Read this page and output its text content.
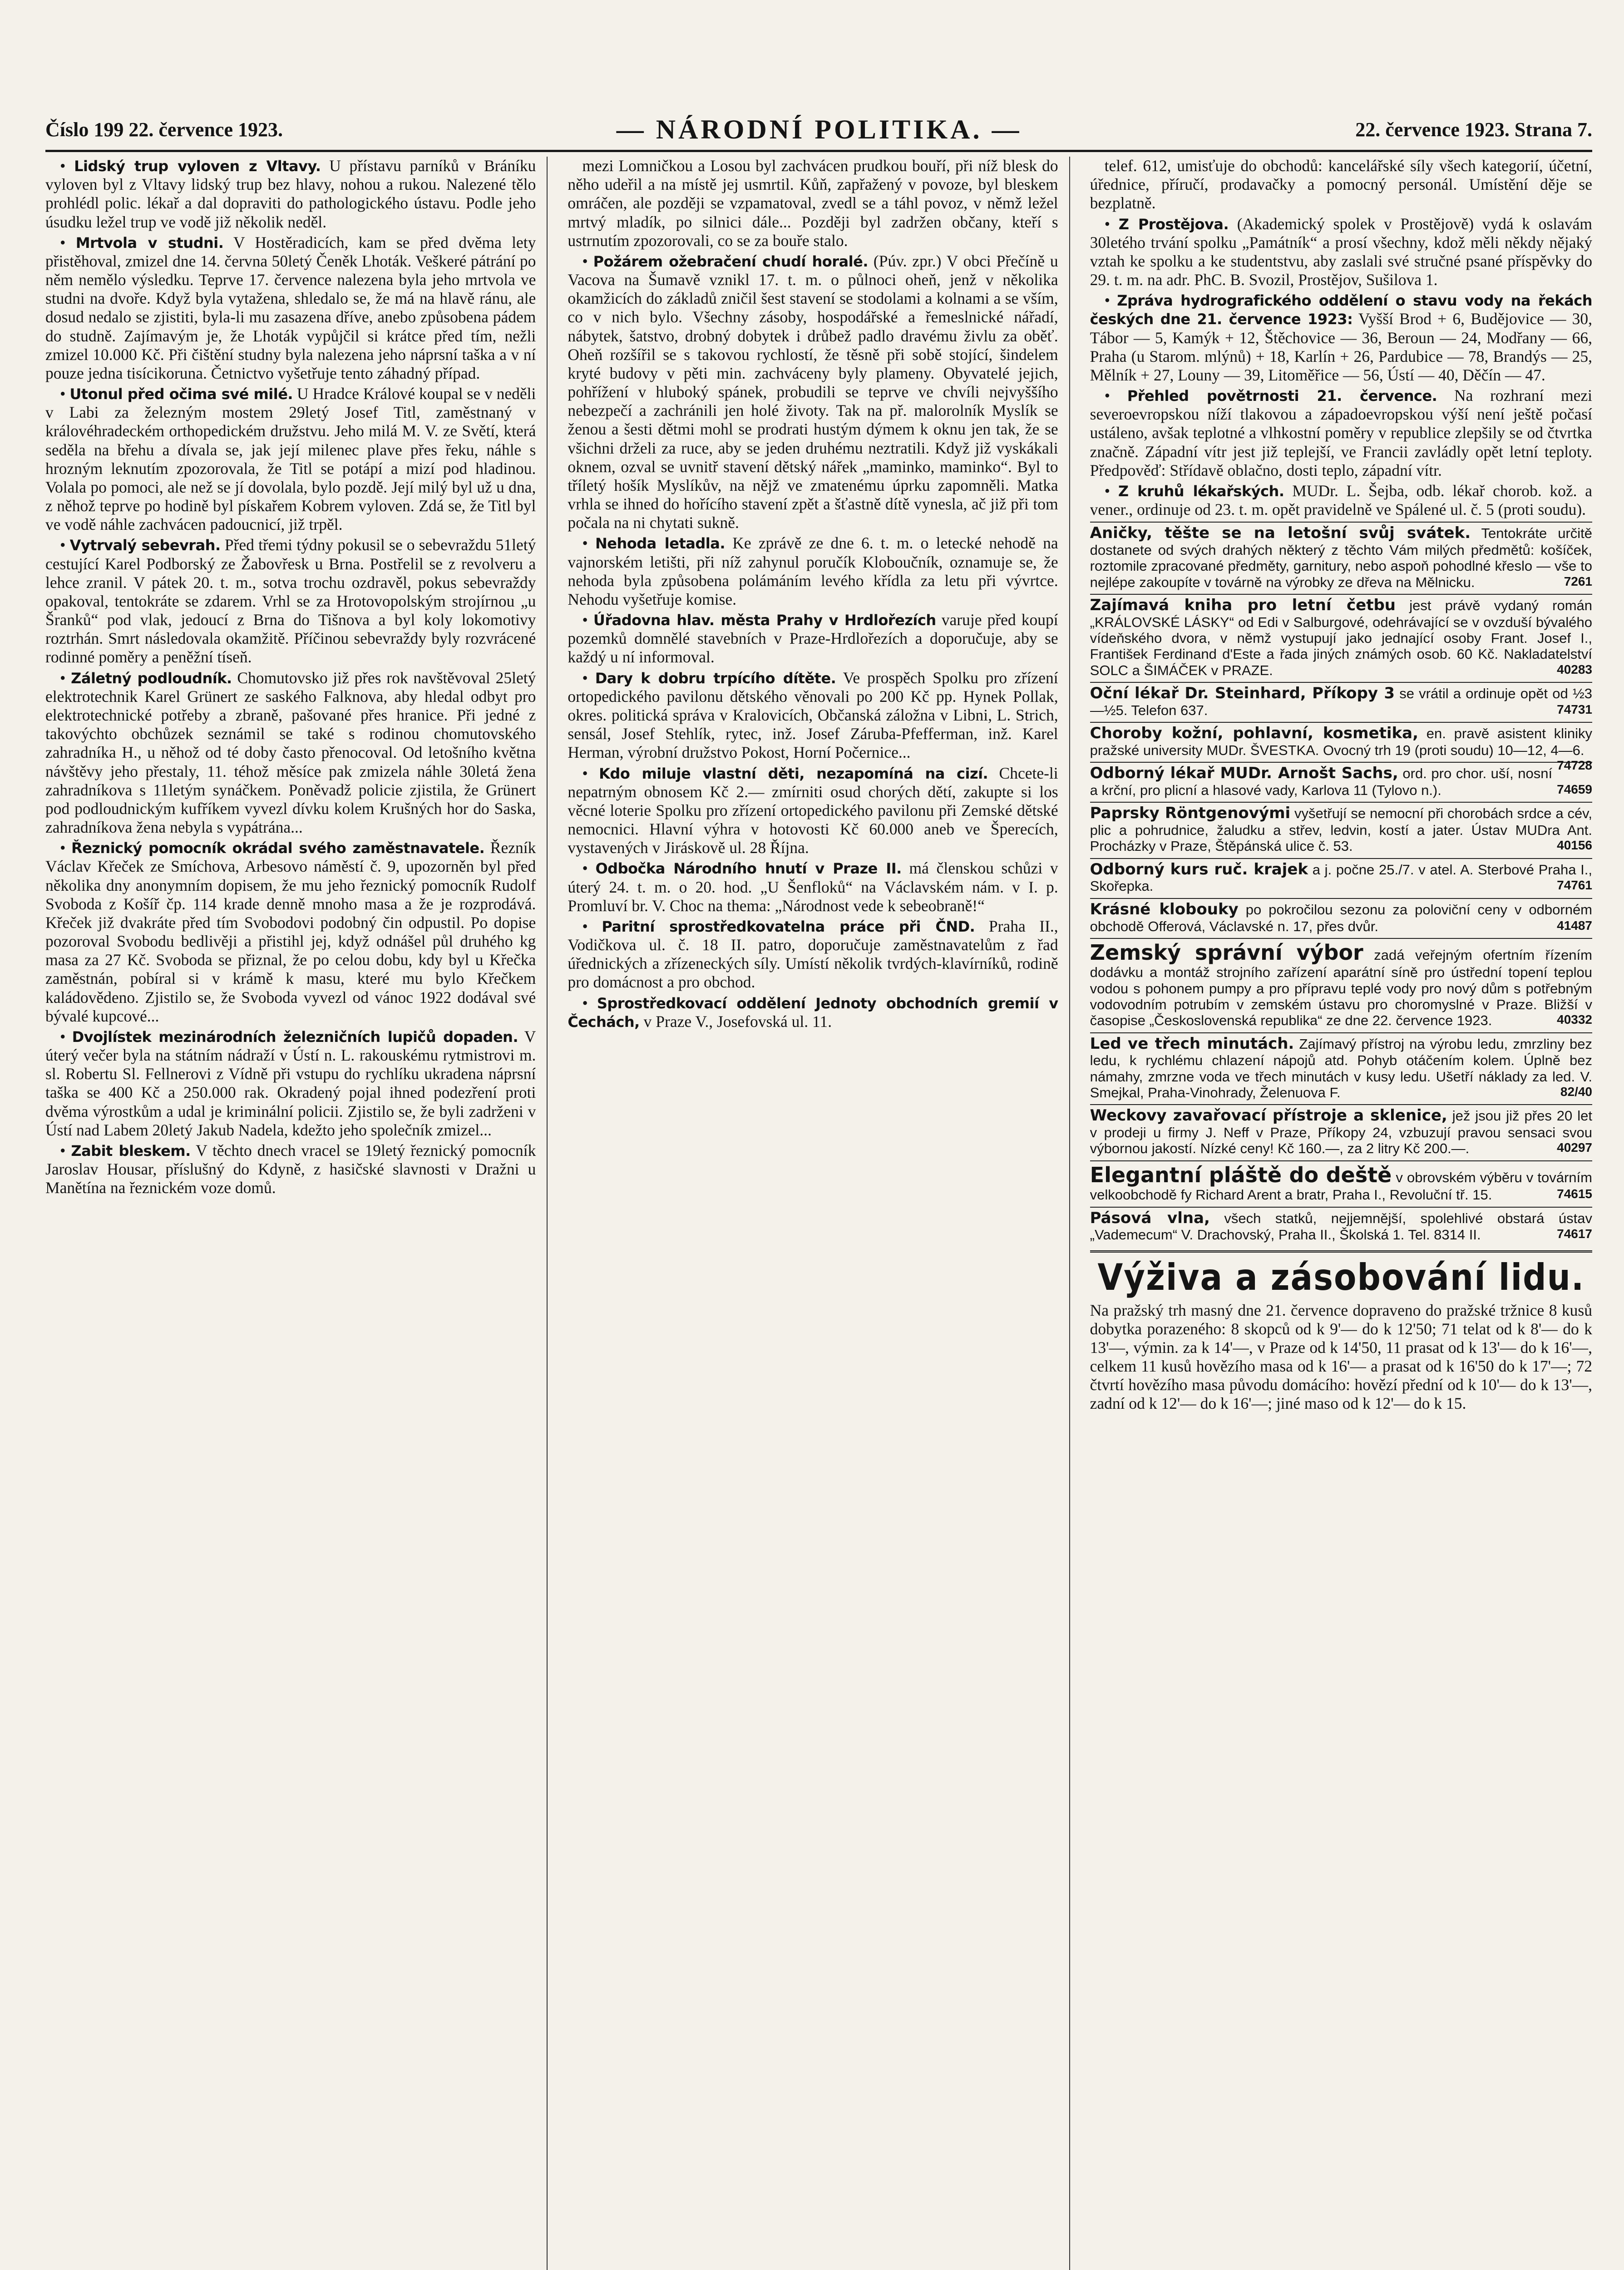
Číslo 199 22. července 1923.	— NÁRODNÍ POLITIKA. —	22. července 1923. Strana 7.

• Lidský trup vyloven z Vltavy. U přístavu parníků v Bráníku vyloven byl z Vltavy lidský trup bez hlavy, nohou a rukou. Nalezené tělo prohlédl polic. lékař a dal dopraviti do pathologického ústavu. Podle jeho úsudku ležel trup ve vodě již několik neděl.

• Mrtvola v studni. V Hostěradicích, kam se před dvěma lety přistěhoval, zmizel dne 14. června 50letý Čeněk Lhoták. Veškeré pátrání po něm nemělo výsledku. Teprve 17. července nalezena byla jeho mrtvola ve studni na dvoře. Když byla vytažena, shledalo se, že má na hlavě ránu, ale dosud nedalo se zjistiti, byla-li mu zasazena dříve, anebo způsobena pádem do studně. Zajímavým je, že Lhoták vypůjčil si krátce před tím, nežli zmizel 10.000 Kč. Při čištění studny byla nalezena jeho náprsní taška a v ní pouze jedna tisícikoruna. Četnictvo vyšetřuje tento záhadný případ.

• Utonul před očima své milé. U Hradce Králové koupal se v neděli v Labi za železným mostem 29letý Josef Titl, zaměstnaný v královéhradeckém orthopedickém družstvu. Jeho milá M. V. ze Světí, která seděla na břehu a dívala se, jak její milenec plave přes řeku, náhle s hrozným leknutím zpozorovala, že Titl se potápí a mizí pod hladinou. Volala po pomoci, ale než se jí dovolala, bylo pozdě. Její milý byl už u dna, z něhož teprve po hodině byl pískařem Kobrem vyloven. Zdá se, že Titl byl ve vodě náhle zachvácen padoucnicí, již trpěl.

• Vytrvalý sebevrah. Před třemi týdny pokusil se o sebevraždu 51letý cestující Karel Podborský ze Žabovřesk u Brna. Postřelil se z revolveru a lehce zranil. V pátek 20. t. m., sotva trochu ozdravěl, pokus sebevraždy opakoval, tentokráte se zdarem. Vrhl se za Hrotovopolským strojírnou „u Šranků“ pod vlak, jedoucí z Brna do Tišnova a byl koly lokomotivy roztrhán. Smrt následovala okamžitě. Příčinou sebevraždy byly rozvrácené rodinné poměry a peněžní tíseň.

• Záletný podloudník. Chomutovsko již přes rok navštěvoval 25letý elektrotechnik Karel Grünert ze saského Falknova, aby hledal odbyt pro elektrotechnické potřeby a zbraně, pašované přes hranice. Při jedné z takovýchto obchůzek seznámil se také s rodinou chomutovského zahradníka H., u něhož od té doby často přenocoval. Od letošního května návštěvy jeho přestaly, 11. téhož měsíce pak zmizela náhle 30letá žena zahradníkova s 11letým synáčkem. Poněvadž policie zjistila, že Grünert pod podloudnickým kufříkem vyvezl dívku kolem Krušných hor do Saska, zahradníkova žena nebyla s vypátrána...

• Řeznický pomocník okrádal svého zaměstnavatele. Řezník Václav Křeček ze Smíchova, Arbesovo náměstí č. 9, upozorněn byl před několika dny anonymním dopisem, že mu jeho řeznický pomocník Rudolf Svoboda z Košíř čp. 114 krade denně mnoho masa a že je rozprodává. Křeček již dvakráte před tím Svobodovi podobný čin odpustil. Po dopise pozoroval Svobodu bedlivěji a přistihl jej, když odnášel půl druhého kg masa za 27 Kč. Svoboda se přiznal, že po celou dobu, kdy byl u Křečka zaměstnán, pobíral si v krámě k masu, které mu bylo Křečkem kaládovědeno. Zjistilo se, že Svoboda vyvezl od vánoc 1922 dodával své bývalé kupcové...

• Dvojlístek mezinárodních železničních lupičů dopaden. V úterý večer byla na státním nádraží v Ústí n. L. rakouskému rytmistrovi m. sl. Robertu Sl. Fellnerovi z Vídně při vstupu do rychlíku ukradena náprsní taška se 400 Kč a 250.000 rak. Okradený pojal ihned podezření proti dvěma výrostkům a udal je kriminální policii. Zjistilo se, že byli zadrženi v Ústí nad Labem 20letý Jakub Nadela, kdežto jeho společník zmizel...

• Zabit bleskem. V těchto dnech vracel se 19letý řeznický pomocník Jaroslav Housar, příslušný do Kdyně, z hasičské slavnosti v Dražni u Manětína na řeznickém voze domů.

mezi Lomničkou a Losou byl zachvácen prudkou bouří, při níž blesk do něho udeřil a na místě jej usmrtil. Kůň, zapřažený v povoze, byl bleskem omráčen, ale později se vzpamatoval, zvedl se a táhl povoz, v němž ležel mrtvý mladík, po silnici dále... Později byl zadržen občany, kteří s ustrnutím zpozorovali, co se za bouře stalo.

• Požárem ožebračení chudí horalé. (Púv. zpr.) V obci Přečíně u Vacova na Šumavě vznikl 17. t. m. o půlnoci oheň, jenž v několika okamžicích do základů zničil šest stavení se stodolami a kolnami a se vším, co v nich bylo. Všechny zásoby, hospodářské a řemeslnické nářadí, nábytek, šatstvo, drobný dobytek i drůbež padlo dravému živlu za oběť. Oheň rozšířil se s takovou rychlostí, že těsně při sobě stojící, šindelem kryté budovy v pěti min. zachváceny byly plameny. Obyvatelé jejich, pohřížení v hluboký spánek, probudili se teprve ve chvíli nejvyššího nebezpečí a zachránili jen holé životy. Tak na př. malorolník Myslík se ženou a šesti dětmi mohl se prodrati hustým dýmem k oknu jen tak, že se všichni drželi za ruce, aby se jeden druhému neztratili. Když již vyskákali oknem, ozval se uvnitř stavení dětský nářek „maminko, maminko“. Byl to tříletý hošík Myslíkův, na nějž ve zmatenému úprku zapomněli. Matka vrhla se ihned do hořícího stavení zpět a šťastně dítě vynesla, ač již při tom počala na ni chytati sukně.

• Nehoda letadla. Ke zprávě ze dne 6. t. m. o letecké nehodě na vajnorském letišti, při níž zahynul poručík Kloboučník, oznamuje se, že nehoda byla způsobena polámáním levého křídla za letu při vývrtce. Nehodu vyšetřuje komise.

• Úřadovna hlav. města Prahy v Hrdlořezích varuje před koupí pozemků domnělé stavebních v Praze-Hrdlořezích a doporučuje, aby se každý u ní informoval.

• Dary k dobru trpícího dítěte. Ve prospěch Spolku pro zřízení ortopedického pavilonu dětského věnovali po 200 Kč pp. Hynek Pollak, okres. politická správa v Kralovicích, Občanská záložna v Libni, L. Strich, sensál, Josef Stehlík, rytec, inž. Josef Záruba-Pfefferman, inž. Karel Herman, výrobní družstvo Pokost, Horní Počernice...

• Kdo miluje vlastní děti, nezapomíná na cizí. Chcete-li nepatrným obnosem Kč 2.— zmírniti osud chorých dětí, zakupte si los věcné loterie Spolku pro zřízení ortopedického pavilonu při Zemské dětské nemocnici. Hlavní výhra v hotovosti Kč 60.000 aneb ve Šperecích, vystavených v Jiráskově ul. 28 Října.

• Odbočka Národního hnutí v Praze II. má členskou schůzi v úterý 24. t. m. o 20. hod. „U Šenfloků“ na Václavském nám. v I. p. Promluví br. V. Choc na thema: „Národnost vede k sebeobraně!“

• Paritní sprostředkovatelna práce při ČND. Praha II., Vodičkova ul. č. 18 II. patro, doporučuje zaměstnavatelům z řad úřednických a zřízeneckých síly. Umístí několik tvrdých-klavírníků, rodině pro domácnost a pro obchod.

• Sprostředkovací oddělení Jednoty obchodních gremií v Čechách, v Praze V., Josefovská ul. 11.

telef. 612, umisťuje do obchodů: kancelářské síly všech kategorií, účetní, úřednice, příručí, prodavačky a pomocný personál. Umístění děje se bezplatně.

• Z Prostějova. (Akademický spolek v Prostějově) vydá k oslavám 30letého trvání spolku „Památník“ a prosí všechny, kdož měli někdy nějaký vztah ke spolku a ke studentstvu, aby zaslali své stručné psané příspěvky do 29. t. m. na adr. PhC. B. Svozil, Prostějov, Sušilova 1.

• Zpráva hydrografického oddělení o stavu vody na řekách českých dne 21. července 1923: Vyšší Brod + 6, Budějovice — 30, Tábor — 5, Kamýk + 12, Štěchovice — 36, Beroun — 24, Modřany — 66, Praha (u Starom. mlýnů) + 18, Karlín + 26, Pardubice — 78, Brandýs — 25, Mělník + 27, Louny — 39, Litoměřice — 56, Ústí — 40, Děčín — 47.

• Přehled povětrnosti 21. července. Na rozhraní mezi severoevropskou níží tlakovou a západoevropskou výší není ještě počasí ustáleno, avšak teplotné a vlhkostní poměry v republice zlepšily se od čtvrtka značně. Západní vítr jest již teplejší, ve Francii zavládly opět letní teploty. Předpověď: Střídavě oblačno, dosti teplo, západní vítr.

• Z kruhů lékařských. MUDr. L. Šejba, odb. lékař chorob. kož. a vener., ordinuje od 23. t. m. opět pravidelně ve Spálené ul. č. 5 (proti soudu).

Aničky, těšte se na letošní svůj svátek. Tentokráte určitě dostanete od svých drahých některý z těchto Vám milých předmětů: košíček, roztomile zpracované předměty, garnitury, nebo aspoň pohodlné křeslo — vše to nejlépe zakoupíte v továrně na výrobky ze dřeva na Mělnicku.	7261
Zajímavá kniha pro letní četbu jest právě vydaný román „KRÁLOVSKÉ LÁSKY“ od Edi v Salburgové, odehrávající se v ovzduší bývalého vídeňského dvora, v němž vystupují jako jednající osoby Frant. Josef I., František Ferdinand d'Este a řada jiných známých osob. 60 Kč. Nakladatelství SOLC a ŠIMÁČEK v PRAZE.	40283
Oční lékař Dr. Steinhard, Příkopy 3 se vrátil a ordinuje opět od ½3—½5. Telefon 637.	74731
Choroby kožní, pohlavní, kosmetika, en. pravě asistent kliniky pražské university MUDr. ŠVESTKA. Ovocný trh 19 (proti soudu) 10—12, 4—6.
74728
Odborný lékař MUDr. Arnošt Sachs, ord. pro chor. uší, nosní a krční, pro plicní a hlasové vady, Karlova 11 (Tylovo n.).	74659
Paprsky Röntgenovými vyšetřují se nemocní při chorobách srdce a cév, plic a pohrudnice, žaludku a střev, ledvin, kostí a jater. Ústav MUDra Ant. Procházky v Praze, Štěpánská ulice č. 53.	40156
Odborný kurs ruč. krajek a j. počne 25./7. v atel. A. Sterbové Praha I., Skořepka.	74761
Krásné klobouky po pokročilou sezonu za poloviční ceny v odborném obchodě Offerová, Václavské n. 17, přes dvůr.	41487
Zemský správní výbor zadá veřejným ofertním řízením dodávku a montáž strojního zařízení aparátní síně pro ústřední topení teplou vodou s pohonem pumpy a pro přípravu teplé vody pro nový dům s potřebným vodovodním potrubím v zemském ústavu pro choromyslné v Praze. Bližší v časopise „Československá republika“ ze dne 22. července 1923.	40332
Led ve třech minutách. Zajímavý přístroj na výrobu ledu, zmrzliny bez ledu, k rychlému chlazení nápojů atd. Pohyb otáčením kolem. Úplně bez námahy, zmrzne voda ve třech minutách v kusy ledu. Ušetří náklady za led. V. Smejkal, Praha-Vinohrady, Želenuova F.	82/40
Weckovy zavařovací přístroje a sklenice, jež jsou již přes 20 let v prodeji u firmy J. Neff v Praze, Příkopy 24, vzbuzují pravou sensaci svou výbornou jakostí. Nízké ceny! Kč 160.—, za 2 litry Kč 200.—.	40297
Elegantní pláště do deště v obrovském výběru v továrním velkoobchodě fy Richard Arent a bratr, Praha I., Revoluční tř. 15.	74615
Pásová vlna, všech statků, nejjemnější, spolehlivé obstará ústav „Vademecum“ V. Drachovský, Praha II., Školská 1. Tel. 8314 II.	74617
Výživa a zásobování lidu.
Na pražský trh masný dne 21. července dopraveno do pražské tržnice 8 kusů dobytka porazeného: 8 skopců od k 9'— do k 12'50; 71 telat od k 8'— do k 13'—, výmin. za k 14'—, v Praze od k 14'50, 11 prasat od k 13'— do k 16'—, celkem 11 kusů hovězího masa od k 16'— a prasat od k 16'50 do k 17'—; 72 čtvrtí hovězího masa původu domácího: hovězí přední od k 10'— do k 13'—, zadní od k 12'— do k 16'—; jiné maso od k 12'— do k 15.
